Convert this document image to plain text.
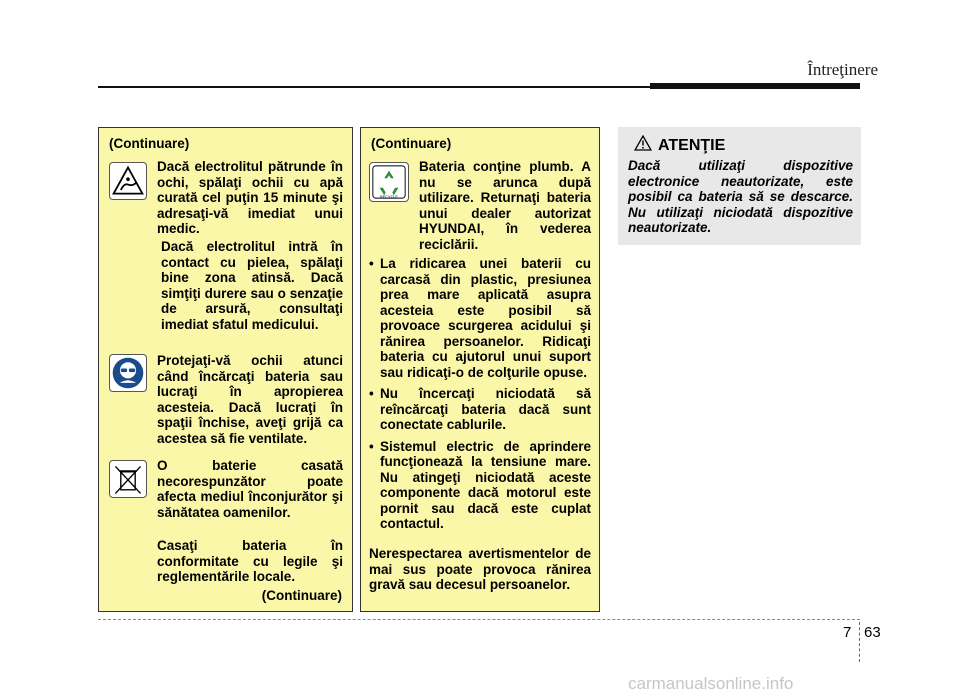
Întreţinere
(Continuare)
Dacă electrolitul pătrunde în ochi, spălaţi ochii cu apă curată cel puţin 15 minute şi adresaţi-vă imediat unui medic.
Dacă electrolitul intră în contact cu pielea, spălaţi bine zona atinsă. Dacă simţiţi durere sau o senzaţie de arsură, consultaţi imediat sfatul medicului.
Protejaţi-vă ochii atunci când încărcaţi bateria sau lucraţi în apropierea acesteia. Dacă lucraţi în spaţii închise, aveţi grijă ca acestea să fie ventilate.
O baterie casată necorespunzător poate afecta mediul înconjurător şi sănătatea oamenilor.
Casaţi bateria în conformitate cu legile şi reglementările locale.
(Continuare)
(Continuare)
RECYCLE
Bateria conţine plumb. A nu se arunca după utilizare. Returnaţi bateria unui dealer autorizat HYUNDAI, în vederea reciclării.
• La ridicarea unei baterii cu carcasă din plastic, presiunea prea mare aplicată asupra acesteia este posibil să provoace scurgerea acidului şi rănirea persoanelor. Ridicaţi bateria cu ajutorul unui suport sau ridicaţi-o de colţurile opuse.
• Nu încercaţi niciodată să reîncărcaţi bateria dacă sunt conectate cablurile.
• Sistemul electric de aprindere funcţionează la tensiune mare. Nu atingeţi niciodată aceste componente dacă motorul este pornit sau dacă este cuplat contactul.
Nerespectarea avertismentelor de mai sus poate provoca rănirea gravă sau decesul persoanelor.
ATENŢIE
Dacă utilizaţi dispozitive electronice neautorizate, este posibil ca bateria să se descarce. Nu utilizaţi niciodată dispozitive neautorizate.
7 63
carmanualsonline.info
